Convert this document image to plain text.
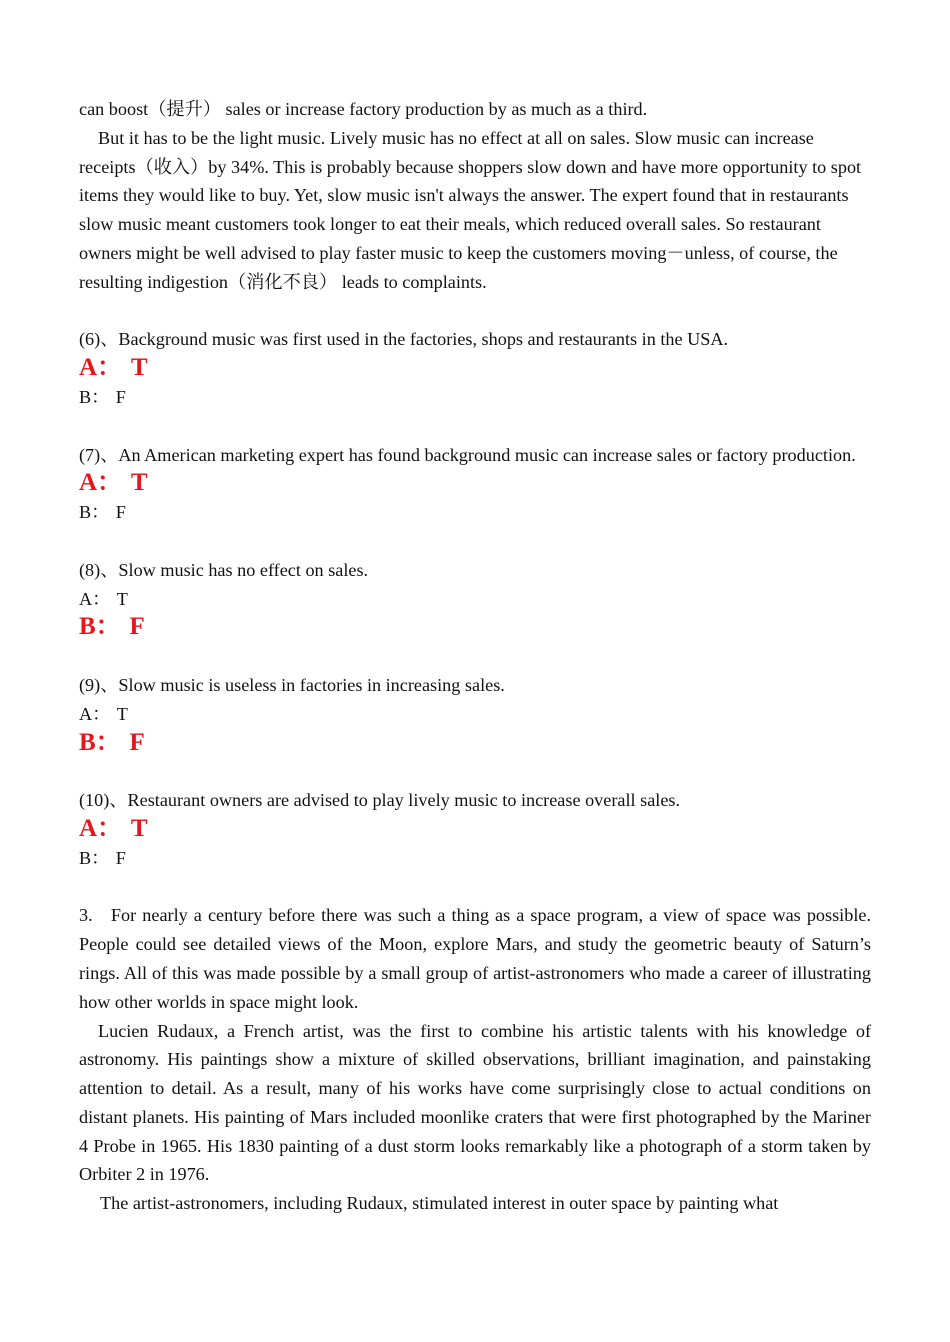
can boost（提升） sales or increase factory production by as much as a third.

But it has to be the light music. Lively music has no effect at all on sales. Slow music can increase receipts（收入）by 34%. This is probably because shoppers slow down and have more opportunity to spot items they would like to buy. Yet, slow music isn't always the answer. The expert found that in restaurants slow music meant customers took longer to eat their meals, which reduced overall sales. So restaurant owners might be well advised to play faster music to keep the customers moving－unless, of course, the resulting indigestion（消化不良） leads to complaints.

(6)、Background music was first used in the factories, shops and restaurants in the USA.

A： T

B： F

(7)、An American marketing expert has found background music can increase sales or factory production.

A： T

B： F

(8)、Slow music has no effect on sales.

A： T

B： F

(9)、Slow music is useless in factories in increasing sales.

A： T

B： F

(10)、Restaurant owners are advised to play lively music to increase overall sales.

A： T

B： F

3. For nearly a century before there was such a thing as a space program, a view of space was possible. People could see detailed views of the Moon, explore Mars, and study the geometric beauty of Saturn’s rings. All of this was made possible by a small group of artist-astronomers who made a career of illustrating how other worlds in space might look.

Lucien Rudaux, a French artist, was the first to combine his artistic talents with his knowledge of astronomy. His paintings show a mixture of skilled observations, brilliant imagination, and painstaking attention to detail. As a result, many of his works have come surprisingly close to actual conditions on distant planets. His painting of Mars included moonlike craters that were first photographed by the Mariner 4 Probe in 1965. His 1830 painting of a dust storm looks remarkably like a photograph of a storm taken by Orbiter 2 in 1976.

The artist-astronomers, including Rudaux, stimulated interest in outer space by painting what
